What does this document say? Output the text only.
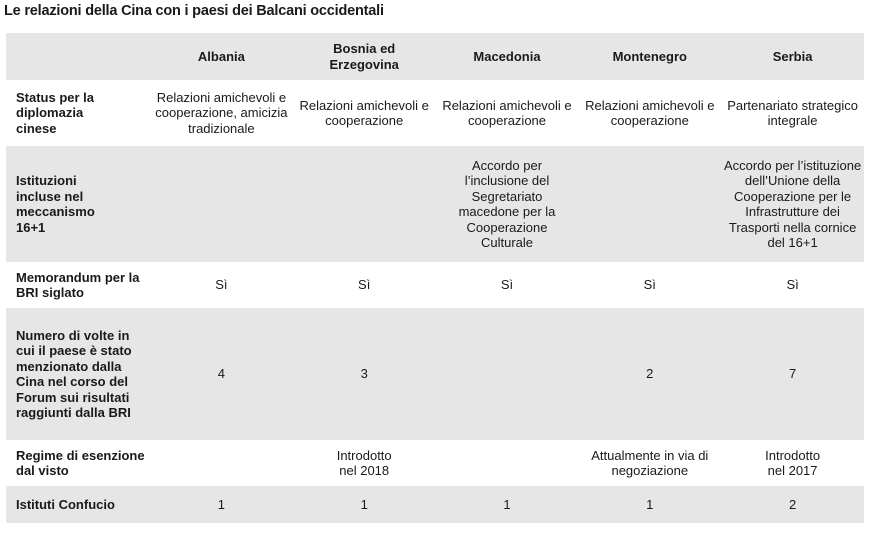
Le relazioni della Cina con i paesi dei Balcani occidentali
	Albania	Bosnia ed Erzegovina	Macedonia	Montenegro	Serbia
Status per la diplomazia cinese	Relazioni amichevoli e cooperazione, amicizia tradizionale	Relazioni amichevoli e cooperazione	Relazioni amichevoli e cooperazione	Relazioni amichevoli e cooperazione	Partenariato strategico integrale
Istituzioni incluse nel meccanismo 16+1			Accordo per l’inclusione del Segretariato macedone per la Cooperazione Culturale		Accordo per l’istituzione dell’Unione della Cooperazione per le Infrastrutture dei Trasporti nella cornice del 16+1
Memorandum per la BRI siglato	Sì	Sì	Sì	Sì	Sì
Numero di volte in cui il paese è stato menzionato dalla Cina nel corso del Forum sui risultati raggiunti dalla BRI	4	3		2	7
Regime di esenzione dal visto		Introdotto nel 2018		Attualmente in via di negoziazione	Introdotto nel 2017
Istituti Confucio	1	1	1	1	2
